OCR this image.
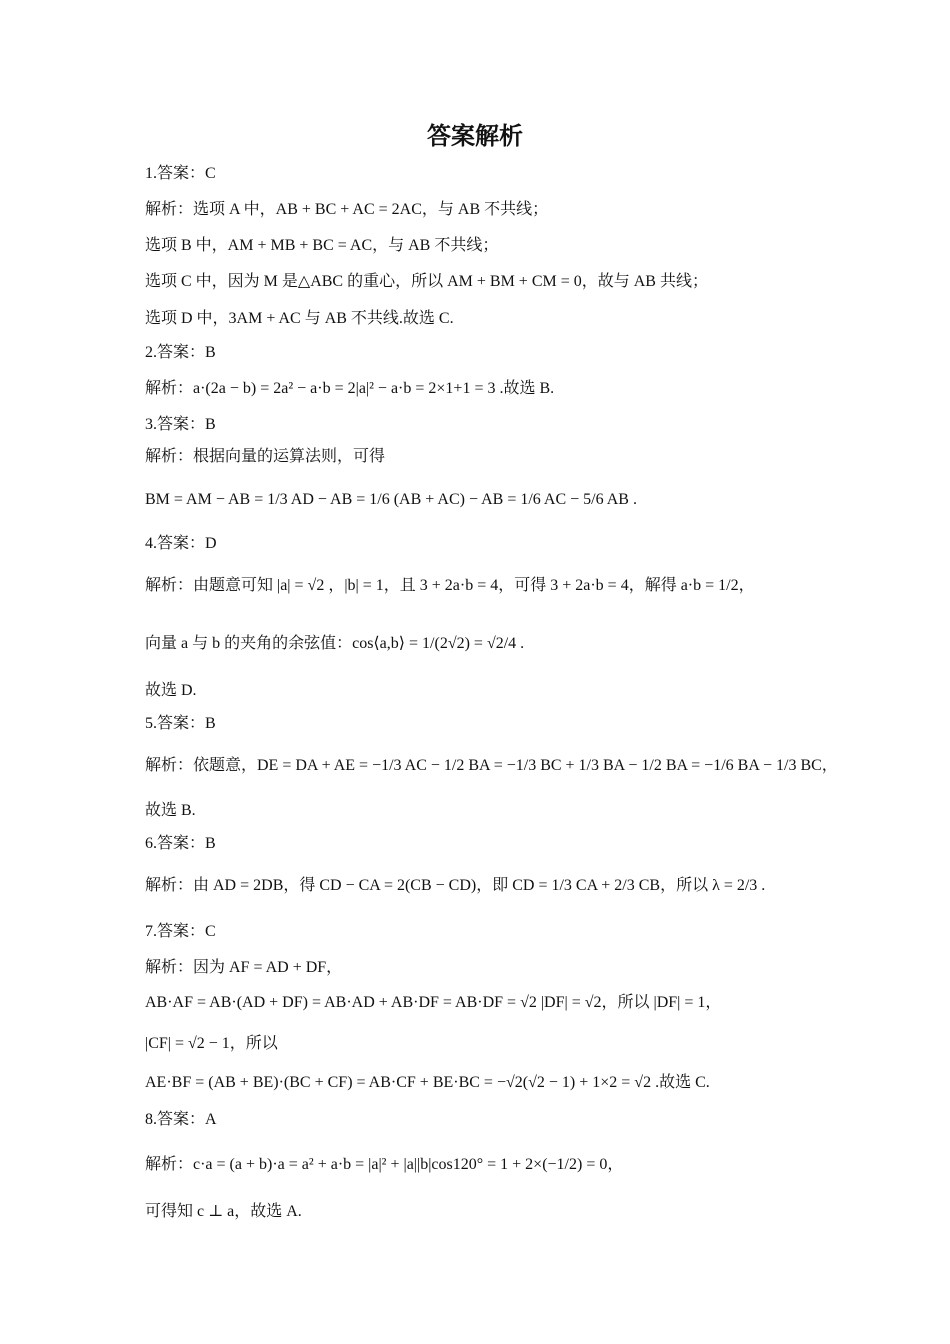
答案解析
1.答案：C
解析：选项 A 中，AB + BC + AC = 2AC，与 AB 不共线；
选项 B 中，AM + MB + BC = AC，与 AB 不共线；
选项 C 中，因为 M 是△ABC 的重心，所以 AM + BM + CM = 0，故与 AB 共线；
选项 D 中，3AM + AC 与 AB 不共线.故选 C.
2.答案：B
解析：a·(2a − b) = 2a² − a·b = 2|a|² − a·b = 2×1+1 = 3 .故选 B.
3.答案：B
解析：根据向量的运算法则，可得
BM = AM − AB = 1/3 AD − AB = 1/6 (AB + AC) − AB = 1/6 AC − 5/6 AB .
4.答案：D
解析：由题意可知 |a| = √2 ，|b| = 1，且 3 + 2a·b = 4，可得 3 + 2a·b = 4，解得 a·b = 1/2，
向量 a 与 b 的夹角的余弦值：cos⟨a,b⟩ = 1/(2√2) = √2/4 .
故选 D.
5.答案：B
解析：依题意，DE = DA + AE = −1/3 AC − 1/2 BA = −1/3 BC + 1/3 BA − 1/2 BA = −1/6 BA − 1/3 BC，
故选 B.
6.答案：B
解析：由 AD = 2DB，得 CD − CA = 2(CB − CD)，即 CD = 1/3 CA + 2/3 CB，所以 λ = 2/3 .
7.答案：C
解析：因为 AF = AD + DF，
AB·AF = AB·(AD + DF) = AB·AD + AB·DF = AB·DF = √2 |DF| = √2，所以 |DF| = 1，
|CF| = √2 − 1，所以
AE·BF = (AB + BE)·(BC + CF) = AB·CF + BE·BC = −√2(√2 − 1) + 1×2 = √2 .故选 C.
8.答案：A
解析：c·a = (a + b)·a = a² + a·b = |a|² + |a||b|cos120° = 1 + 2×(−1/2) = 0，
可得知 c ⊥ a，故选 A.
